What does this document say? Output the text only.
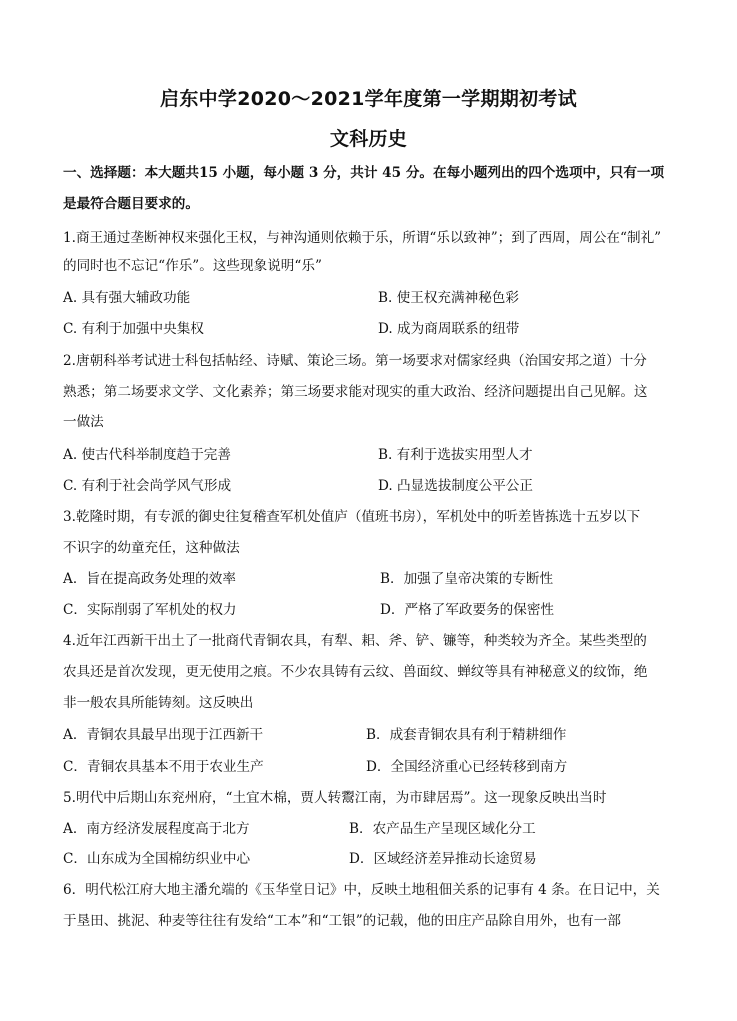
启东中学2020～2021学年度第一学期期初考试
文科历史
一、选择题：本大题共15 小题，每小题 3 分，共计 45 分。在每小题列出的四个选项中，只有一项
是最符合题目要求的。
1.商王通过垄断神权来强化王权，与神沟通则依赖于乐，所谓“乐以致神”；到了西周，周公在“制礼”
的同时也不忘记“作乐”。这些现象说明“乐”
A. 具有强大辅政功能	B. 使王权充满神秘色彩
C. 有利于加强中央集权	D. 成为商周联系的纽带
2.唐朝科举考试进士科包括帖经、诗赋、策论三场。第一场要求对儒家经典（治国安邦之道）十分
熟悉；第二场要求文学、文化素养；第三场要求能对现实的重大政治、经济问题提出自己见解。这
一做法
A. 使古代科举制度趋于完善	B. 有利于选拔实用型人才
C. 有利于社会尚学风气形成	D. 凸显选拔制度公平公正
3.乾隆时期，有专派的御史往复稽查军机处值庐（值班书房），军机处中的听差皆拣选十五岁以下
不识字的幼童充任，这种做法
A．旨在提高政务处理的效率	B．加强了皇帝决策的专断性
C．实际削弱了军机处的权力	D．严格了军政要务的保密性
4.近年江西新干出土了一批商代青铜农具，有犁、耜、斧、铲、镰等，种类较为齐全。某些类型的
农具还是首次发现，更无使用之痕。不少农具铸有云纹、兽面纹、蝉纹等具有神秘意义的纹饰，绝
非一般农具所能铸刻。这反映出
A．青铜农具最早出现于江西新干	B．成套青铜农具有利于精耕细作
C．青铜农具基本不用于农业生产	D．全国经济重心已经转移到南方
5.明代中后期山东兖州府，“土宜木棉，贾人转鬻江南，为市肆居焉”。这一现象反映出当时
A．南方经济发展程度高于北方	B．农产品生产呈现区域化分工
C．山东成为全国棉纺织业中心	D．区域经济差异推动长途贸易
6．明代松江府大地主潘允端的《玉华堂日记》中，反映土地租佃关系的记事有 4 条。在日记中，关
于垦田、挑泥、种麦等往往有发给“工本”和“工银”的记载，他的田庄产品除自用外，也有一部
